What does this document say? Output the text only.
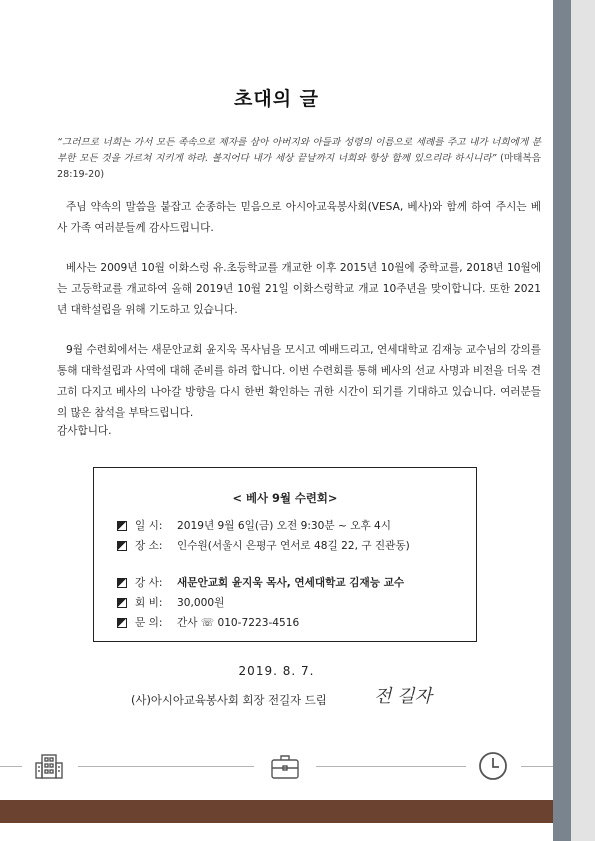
초대의 글
“그러므로 너희는 가서 모든 족속으로 제자를 삼아 아버지와 아들과 성령의 이름으로 세례를 주고 내가 너희에게 분부한 모든 것을 가르쳐 지키게 하라. 볼지어다 내가 세상 끝날까지 너희와 항상 함께 있으리라 하시니라” (마태복음 28:19-20)
주님 약속의 말씀을 붙잡고 순종하는 믿음으로 아시아교육봉사회(VESA, 베사)와 함께 하여 주시는 베사 가족 여러분들께 감사드립니다.
베사는 2009년 10월 이화스렁 유.초등학교를 개교한 이후 2015년 10월에 중학교를, 2018년 10월에는 고등학교를 개교하여 올해 2019년 10월 21일 이화스렁학교 개교 10주년을 맞이합니다. 또한 2021년 대학설립을 위해 기도하고 있습니다.
9월 수련회에서는 새문안교회 윤지욱 목사님을 모시고 예배드리고, 연세대학교 김재능 교수님의 강의를 통해 대학설립과 사역에 대해 준비를 하려 합니다. 이번 수련회를 통해 베사의 선교 사명과 비전을 더욱 견고히 다지고 베사의 나아갈 방향을 다시 한번 확인하는 귀한 시간이 되기를 기대하고 있습니다. 여러분들의 많은 참석을 부탁드립니다.
감사합니다.
< 베사 9월 수련회>
일 시:	2019년 9월 6일(금) 오전 9:30분 ~ 오후 4시
장 소:	인수원(서울시 은평구 연서로 48길 22, 구 진관동)
강 사:	새문안교회 윤지욱 목사, 연세대학교 김재능 교수
회 비:	30,000원
문 의:	간사 ☏ 010-7223-4516
2019. 8. 7.
(사)아시아교육봉사회 회장 전길자 드림	전 길자
